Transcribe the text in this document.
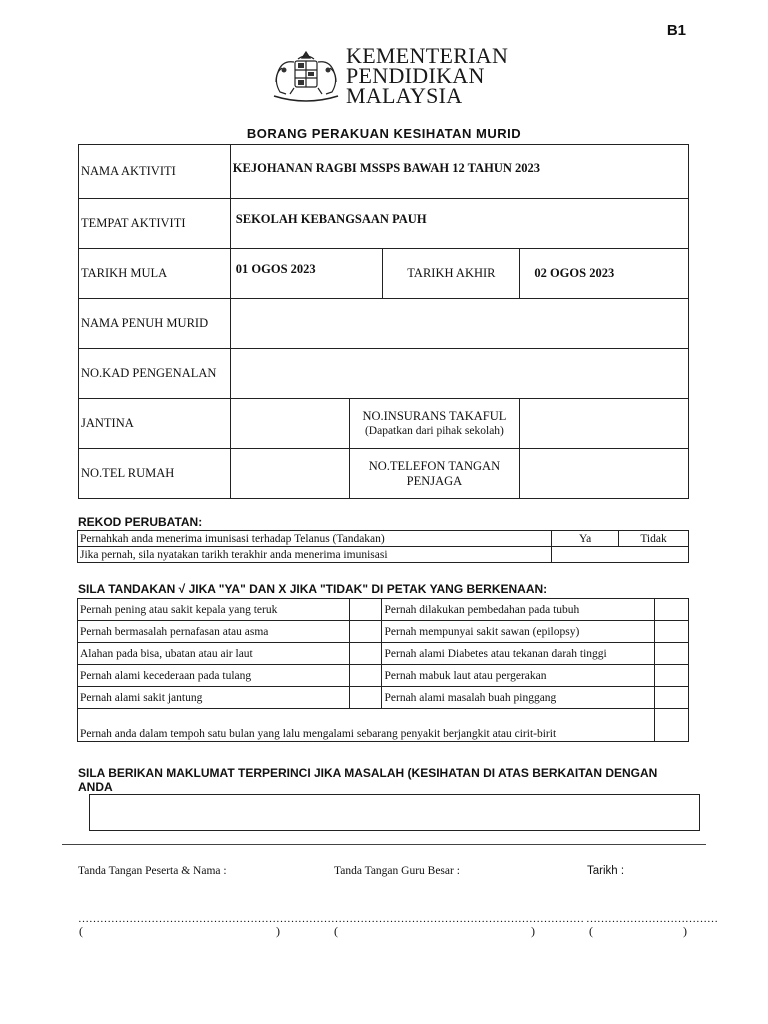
B1
KEMENTERIAN
PENDIDIKAN
MALAYSIA
BORANG PERAKUAN KESIHATAN MURID
NAMA AKTIVITI	KEJOHANAN RAGBI MSSPS BAWAH 12 TAHUN 2023			
TEMPAT AKTIVITI	SEKOLAH KEBANGSAAN PAUH			
TARIKH MULA	01 OGOS 2023		TARIKH AKHIR	02 OGOS 2023
NAMA PENUH MURID				
NO.KAD PENGENALAN				
JANTINA		NO.INSURANS TAKAFUL
(Dapatkan dari pihak sekolah)		

NO.TEL RUMAH		NO.TELEFON TANGAN PENJAGA		
REKOD PERUBATAN:
Pernahkah anda menerima imunisasi terhadap Telanus (Tandakan)	Ya	Tidak
Jika pernah, sila nyatakan tarikh terakhir anda menerima imunisasi		
SILA TANDAKAN √ JIKA "YA" DAN X JIKA "TIDAK" DI PETAK YANG BERKENAAN:
Pernah pening atau sakit kepala yang teruk		Pernah dilakukan pembedahan pada tubuh	
Pernah bermasalah pernafasan atau asma		Pernah mempunyai sakit sawan (epilopsy)	
Alahan pada bisa, ubatan atau air laut		Pernah alami Diabetes atau tekanan darah tinggi	
Pernah alami kecederaan pada tulang		Pernah mabuk laut atau pergerakan	
Pernah alami sakit jantung		Pernah alami masalah buah pinggang	
Pernah anda dalam tempoh satu bulan yang lalu mengalami sebarang penyakit berjangkit atau cirit-birit			
SILA BERIKAN MAKLUMAT TERPERINCI JIKA MASALAH (KESIHATAN DI ATAS BERKAITAN DENGAN
ANDA
Tanda Tangan Peserta & Nama :	Tanda Tangan Guru Besar :	Tarikh :
…………………………………………………………… …………………………………………………………… ………………………………
(	)	(	)	(	)
